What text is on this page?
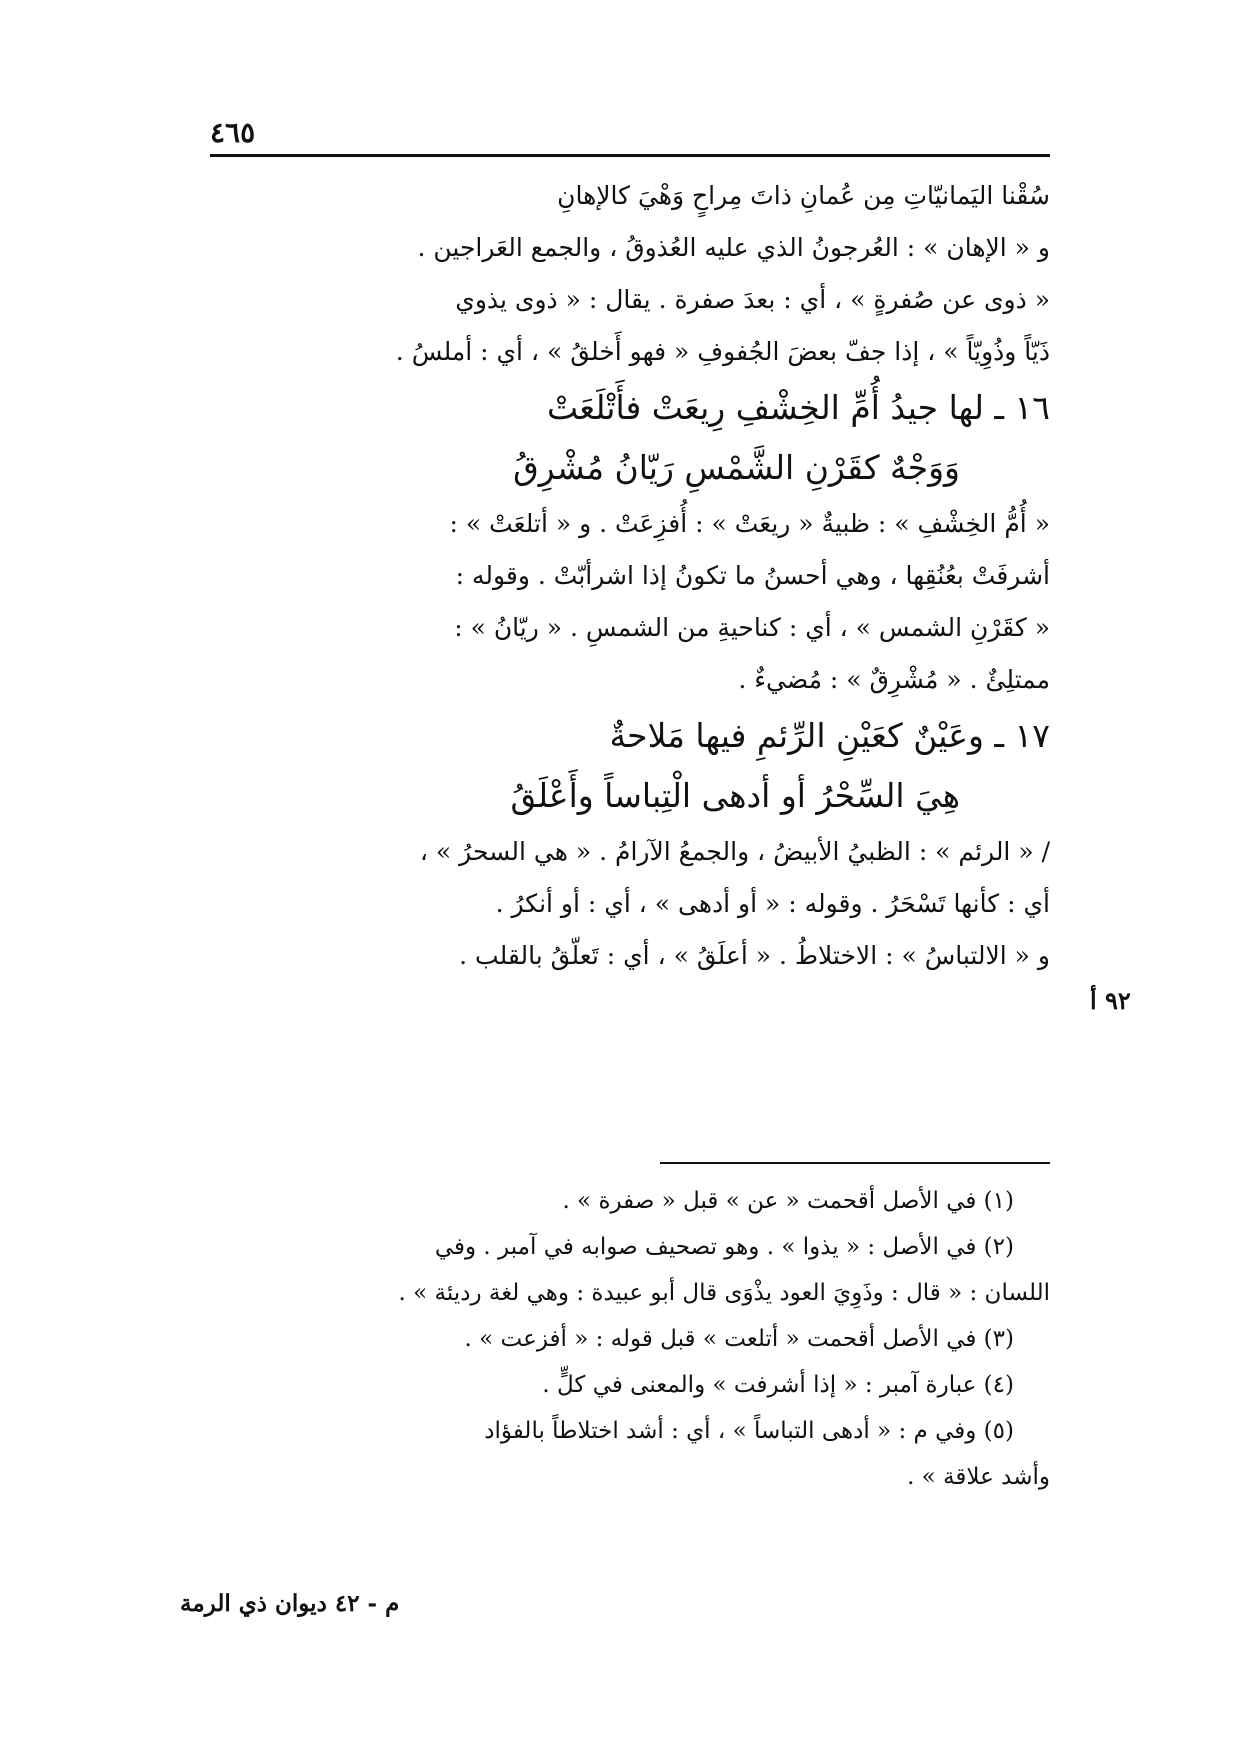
٤٦٥
سُقْنا اليَمانيّاتِ مِن عُمانِ ذاتَ مِراحٍ وَهْيَ كالإهانِ
و « الإهان » : العُرجونُ الذي عليه العُذوقُ ، والجمع العَراجين .
« ذوى عن صُفرةٍ » ، أي : بعدَ صفرة . يقال : « ذوى يذوي
ذَيّاً وذُوِيّاً » ، إذا جفّ بعضَ الجُفوفِ « فهو أَخلقُ » ، أي : أملسُ .
١٦ ـ لها جيدُ أُمِّ الخِشْفِ رِيعَتْ فأَتْلَعَتْ
وَوَجْهٌ كقَرْنِ الشَّمْسِ رَيّانُ مُشْرِقُ
« أُمُّ الخِشْفِ » : ظبيةٌ « ريعَتْ » : أُفزِعَتْ . و « أتلعَتْ » :
أشرفَتْ بعُنُقِها ، وهي أحسنُ ما تكونُ إذا اشرأبّتْ . وقوله :
« كقَرْنِ الشمس » ، أي : كناحيةِ من الشمسِ . « ريّانُ » :
ممتلِئٌ . « مُشْرِقٌ » : مُضيءٌ .
١٧ ـ وعَيْنٌ كعَيْنِ الرِّئمِ فيها مَلاحةٌ
هِيَ السِّحْرُ أو أدهى الْتِباساً وأَعْلَقُ
/ « الرئم » : الظبيُ الأبيضُ ، والجمعُ الآرامُ . « هي السحرُ » ،
أي : كأنها تَسْحَرُ . وقوله : « أو أدهى » ، أي : أو أنكرُ .
و « الالتباسُ » : الاختلاطُ . « أعلَقُ » ، أي : تَعلّقُ بالقلب .
٩٢ أ
(١) في الأصل أقحمت « عن » قبل « صفرة » .
(٢) في الأصل : « يذوا » . وهو تصحيف صوابه في آمبر . وفي
اللسان : « قال : وذَوِيَ العود يذْوَى قال أبو عبيدة : وهي لغة رديئة » .
(٣) في الأصل أقحمت « أتلعت » قبل قوله : « أفزعت » .
(٤) عبارة آمبر : « إذا أشرفت » والمعنى في كلٍّ .
(٥) وفي م : « أدهى التباساً » ، أي : أشد اختلاطاً بالفؤاد
وأشد علاقة » .
م - ٤٢ ديوان ذي الرمة
